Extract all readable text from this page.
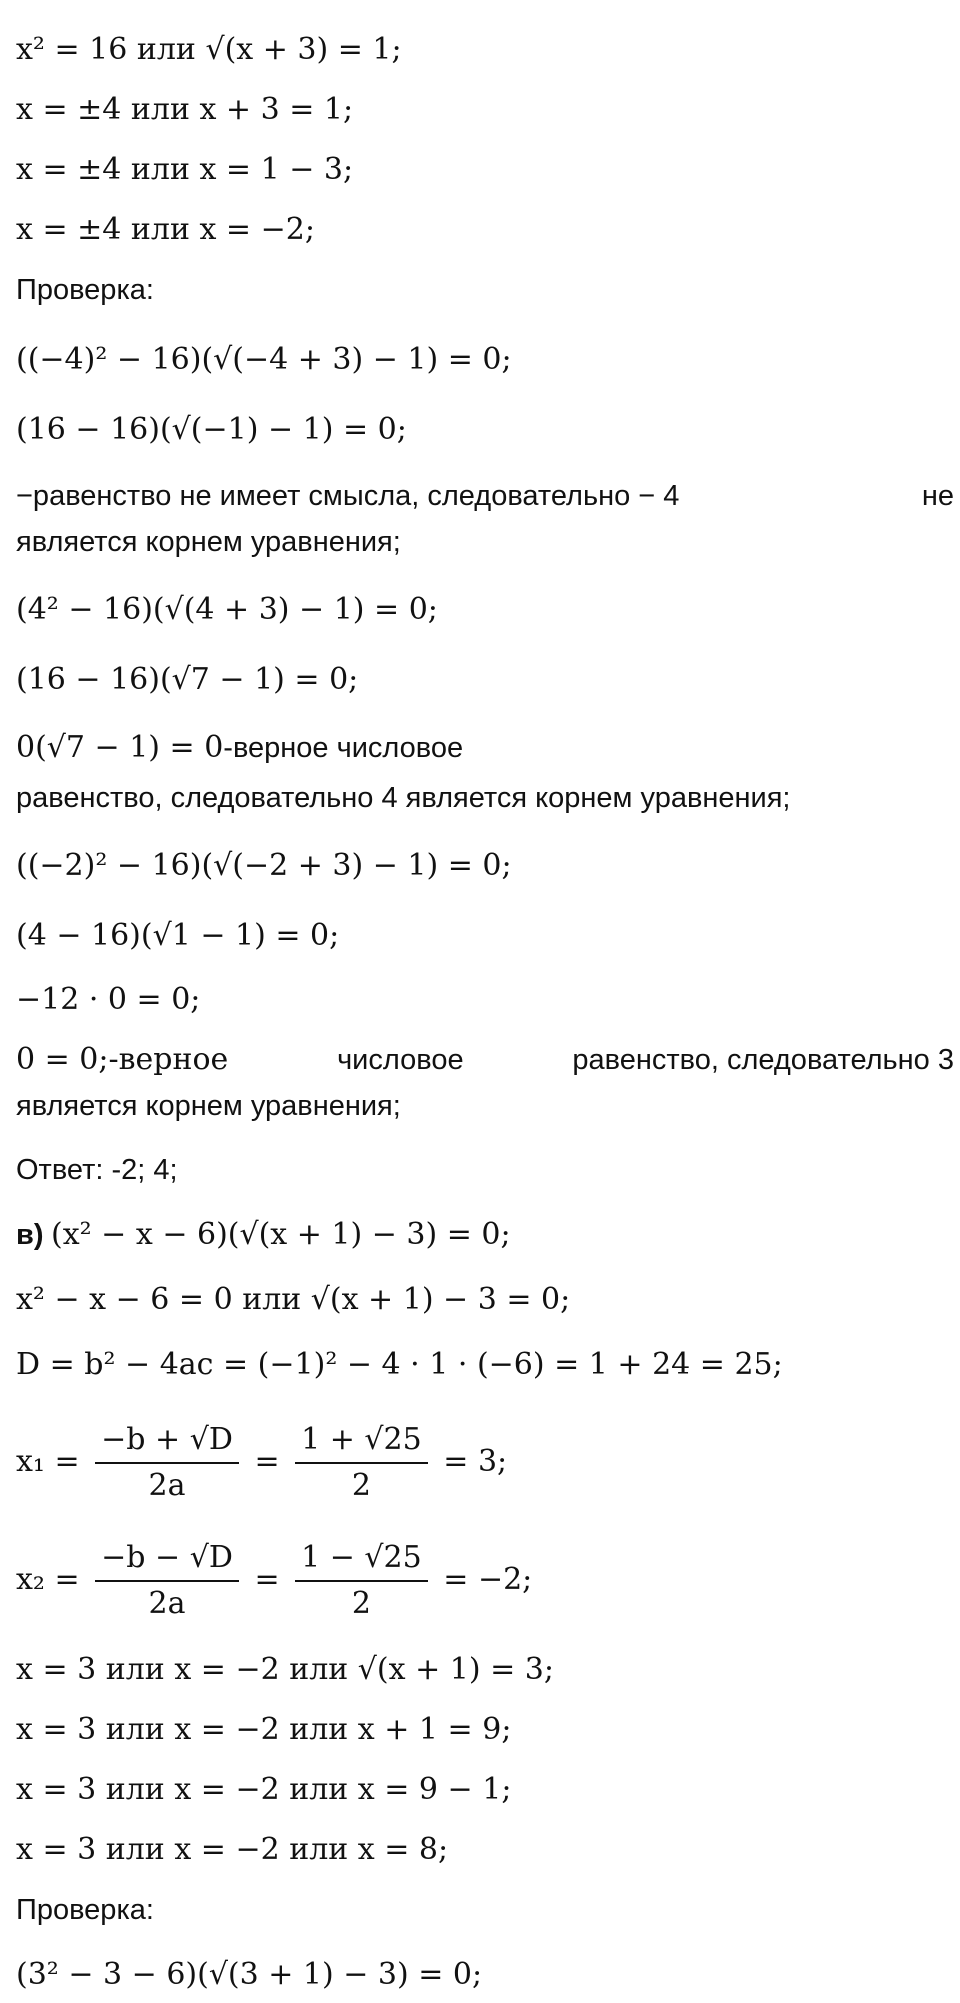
x² = 16 или √(x + 3) = 1;
x = ±4 или x + 3 = 1;
x = ±4 или x = 1 − 3;
x = ±4 или x = −2;
Проверка:
((−4)² − 16)(√(−4 + 3) − 1) = 0;
(16 − 16)(√(−1) − 1) = 0;
−равенство не имеет смысла, следовательно − 4	не
является корнем уравнения;
(4² − 16)(√(4 + 3) − 1) = 0;
(16 − 16)(√7 − 1) = 0;
0(√7 − 1) = 0-верное числовое
равенство, следовательно 4 является корнем уравнения;
((−2)² − 16)(√(−2 + 3) − 1) = 0;
(4 − 16)(√1 − 1) = 0;
−12 · 0 = 0;
0 = 0;-верное	числовое	равенство, следовательно 3
является корнем уравнения;
Ответ: -2; 4;
в) (x² − x − 6)(√(x + 1) − 3) = 0;
x² − x − 6 = 0 или √(x + 1) − 3 = 0;
D = b² − 4ac = (−1)² − 4 · 1 · (−6) = 1 + 24 = 25;
$x_1 = \frac{-b + √D}{2a} = \frac{1 + √25}{2} = 3$;
$x_2 = \frac{-b - √D}{2a} = \frac{1 - √25}{2} = -2$;
x = 3 или x = −2 или √(x + 1) = 3;
x = 3 или x = −2 или x + 1 = 9;
x = 3 или x = −2 или x = 9 − 1;
x = 3 или x = −2 или x = 8;
Проверка:
(3² − 3 − 6)(√(3 + 1) − 3) = 0;
